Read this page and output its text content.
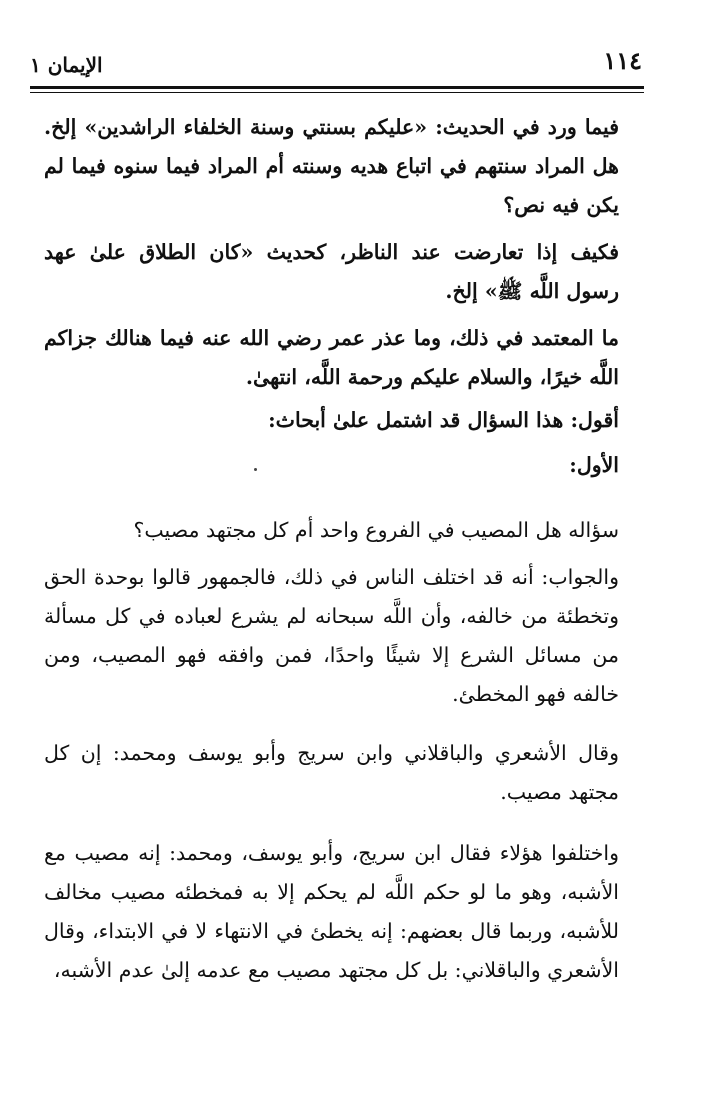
١١٤
الإيمان ١

فيما ورد في الحديث: «عليكم بسنتي وسنة الخلفاء الراشدين» إلخ. هل المراد سنتهم في اتباع هديه وسنته أم المراد فيما سنوه فيما لم يكن فيه نص؟

فكيف إذا تعارضت عند الناظر، كحديث «كان الطلاق علىٰ عهد رسول اللَّه ﷺ» إلخ.

ما المعتمد في ذلك، وما عذر عمر رضي الله عنه فيما هنالك جزاكم اللَّه خيرًا، والسلام عليكم ورحمة اللَّه، انتهىٰ.

أقول: هذا السؤال قد اشتمل علىٰ أبحاث:

الأول:

سؤاله هل المصيب في الفروع واحد أم كل مجتهد مصيب؟

والجواب: أنه قد اختلف الناس في ذلك، فالجمهور قالوا بوحدة الحق وتخطئة من خالفه، وأن اللَّه سبحانه لم يشرع لعباده في كل مسألة من مسائل الشرع إلا شيئًا واحدًا، فمن وافقه فهو المصيب، ومن خالفه فهو المخطئ.

وقال الأشعري والباقلاني وابن سريج وأبو يوسف ومحمد: إن كل مجتهد مصيب.

واختلفوا هؤلاء فقال ابن سريج، وأبو يوسف، ومحمد: إنه مصيب مع الأشبه، وهو ما لو حكم اللَّه لم يحكم إلا به فمخطئه مصيب مخالف للأشبه، وربما قال بعضهم: إنه يخطئ في الانتهاء لا في الابتداء، وقال الأشعري والباقلاني: بل كل مجتهد مصيب مع عدمه إلىٰ عدم الأشبه،
